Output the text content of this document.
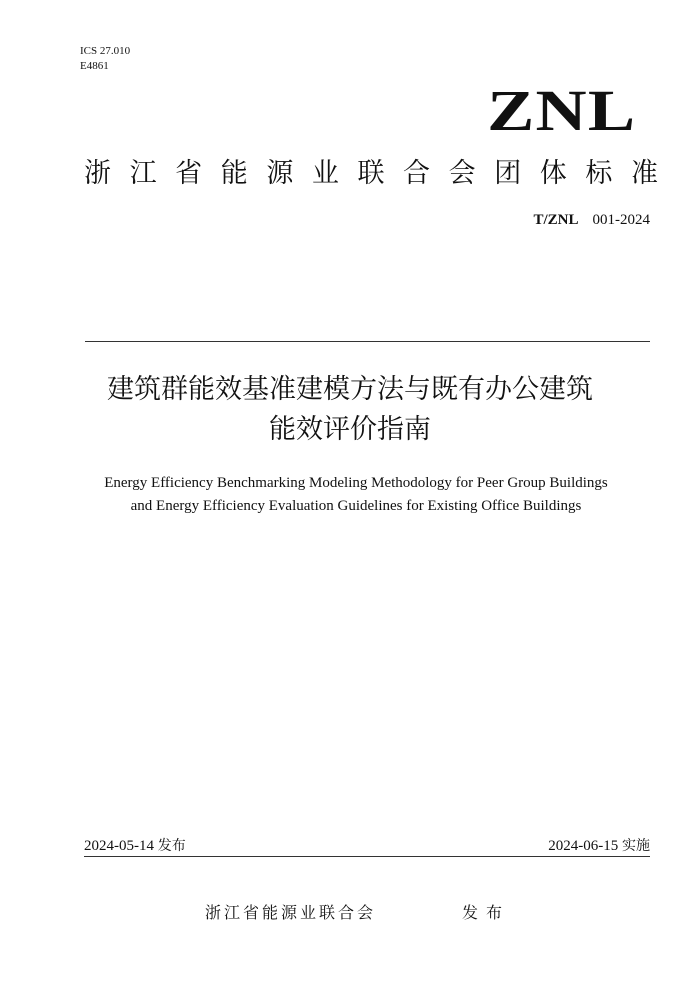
ICS 27.010
E4861
ZNL
浙 江 省 能 源 业 联 合 会 团 体 标 准
T/ZNL 001-2024
建筑群能效基准建模方法与既有办公建筑
能效评价指南
Energy Efficiency Benchmarking Modeling Methodology for Peer Group Buildings
and Energy Efficiency Evaluation Guidelines for Existing Office Buildings
2024-05-14 发布	2024-06-15 实施
浙江省能源业联合会	发布
